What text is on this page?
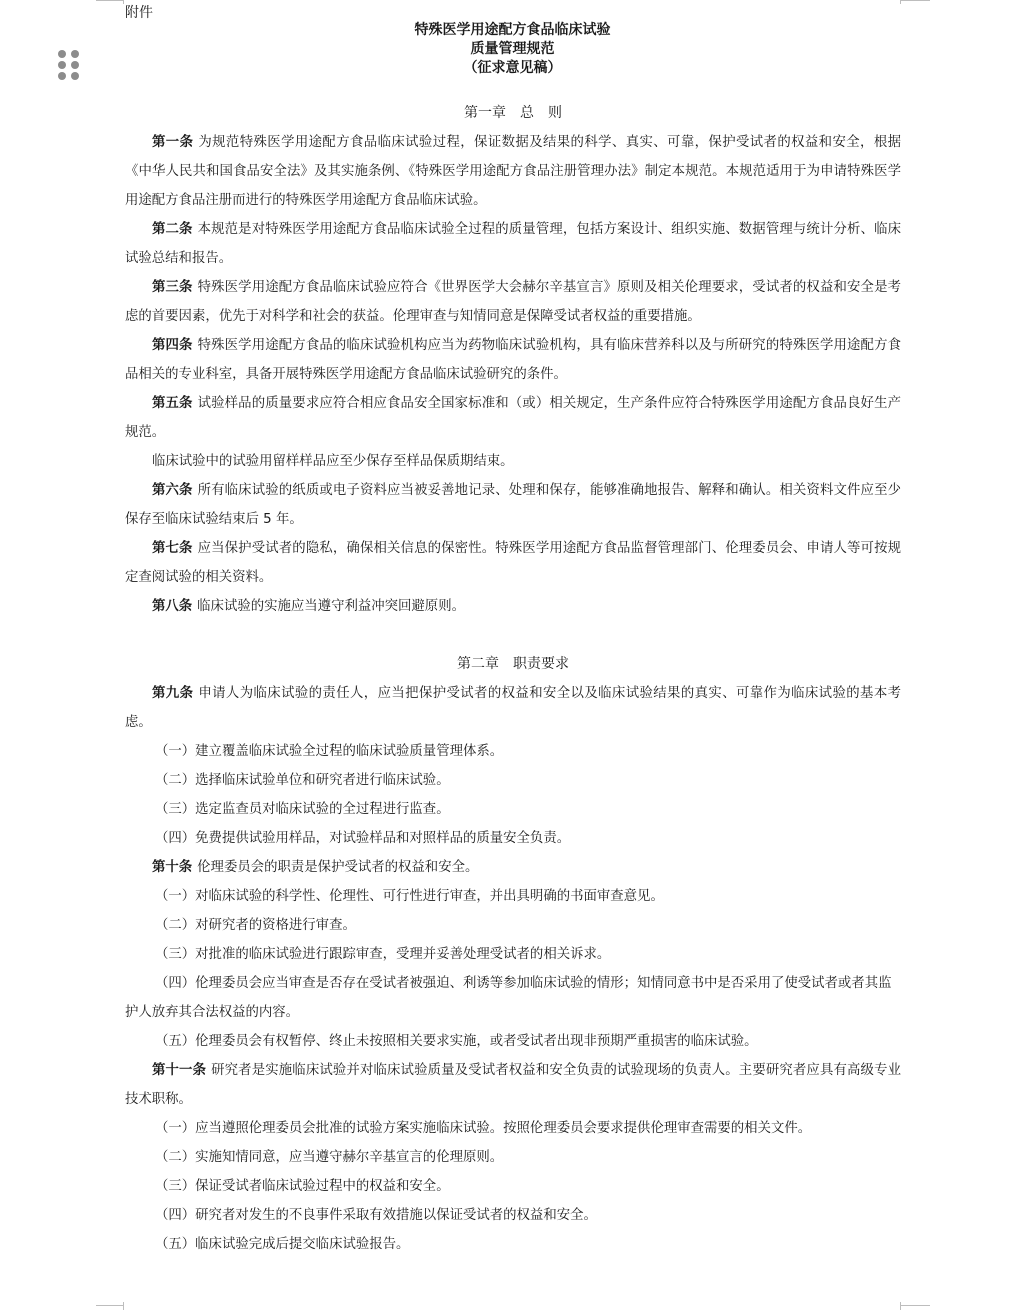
附件
特殊医学用途配方食品临床试验
质量管理规范
（征求意见稿）
第一章　总　则

第一条 为规范特殊医学用途配方食品临床试验过程，保证数据及结果的科学、真实、可靠，保护受试者的权益和安全，根据《中华人民共和国食品安全法》及其实施条例、《特殊医学用途配方食品注册管理办法》制定本规范。本规范适用于为申请特殊医学用途配方食品注册而进行的特殊医学用途配方食品临床试验。

第二条 本规范是对特殊医学用途配方食品临床试验全过程的质量管理，包括方案设计、组织实施、数据管理与统计分析、临床试验总结和报告。

第三条 特殊医学用途配方食品临床试验应符合《世界医学大会赫尔辛基宣言》原则及相关伦理要求，受试者的权益和安全是考虑的首要因素，优先于对科学和社会的获益。伦理审查与知情同意是保障受试者权益的重要措施。

第四条 特殊医学用途配方食品的临床试验机构应当为药物临床试验机构，具有临床营养科以及与所研究的特殊医学用途配方食品相关的专业科室，具备开展特殊医学用途配方食品临床试验研究的条件。

第五条 试验样品的质量要求应符合相应食品安全国家标准和（或）相关规定，生产条件应符合特殊医学用途配方食品良好生产规范。

临床试验中的试验用留样样品应至少保存至样品保质期结束。

第六条 所有临床试验的纸质或电子资料应当被妥善地记录、处理和保存，能够准确地报告、解释和确认。相关资料文件应至少保存至临床试验结束后 5 年。

第七条 应当保护受试者的隐私，确保相关信息的保密性。特殊医学用途配方食品监督管理部门、伦理委员会、申请人等可按规定查阅试验的相关资料。

第八条 临床试验的实施应当遵守利益冲突回避原则。

第二章　职责要求

第九条 申请人为临床试验的责任人，应当把保护受试者的权益和安全以及临床试验结果的真实、可靠作为临床试验的基本考虑。

（一）建立覆盖临床试验全过程的临床试验质量管理体系。

（二）选择临床试验单位和研究者进行临床试验。

（三）选定监查员对临床试验的全过程进行监查。

（四）免费提供试验用样品，对试验样品和对照样品的质量安全负责。

第十条 伦理委员会的职责是保护受试者的权益和安全。

（一）对临床试验的科学性、伦理性、可行性进行审查，并出具明确的书面审查意见。

（二）对研究者的资格进行审查。

（三）对批准的临床试验进行跟踪审查，受理并妥善处理受试者的相关诉求。

（四）伦理委员会应当审查是否存在受试者被强迫、利诱等参加临床试验的情形；知情同意书中是否采用了使受试者或者其监护人放弃其合法权益的内容。

（五）伦理委员会有权暂停、终止未按照相关要求实施，或者受试者出现非预期严重损害的临床试验。

第十一条 研究者是实施临床试验并对临床试验质量及受试者权益和安全负责的试验现场的负责人。主要研究者应具有高级专业技术职称。

（一）应当遵照伦理委员会批准的试验方案实施临床试验。按照伦理委员会要求提供伦理审查需要的相关文件。

（二）实施知情同意，应当遵守赫尔辛基宣言的伦理原则。

（三）保证受试者临床试验过程中的权益和安全。

（四）研究者对发生的不良事件采取有效措施以保证受试者的权益和安全。

（五）临床试验完成后提交临床试验报告。
